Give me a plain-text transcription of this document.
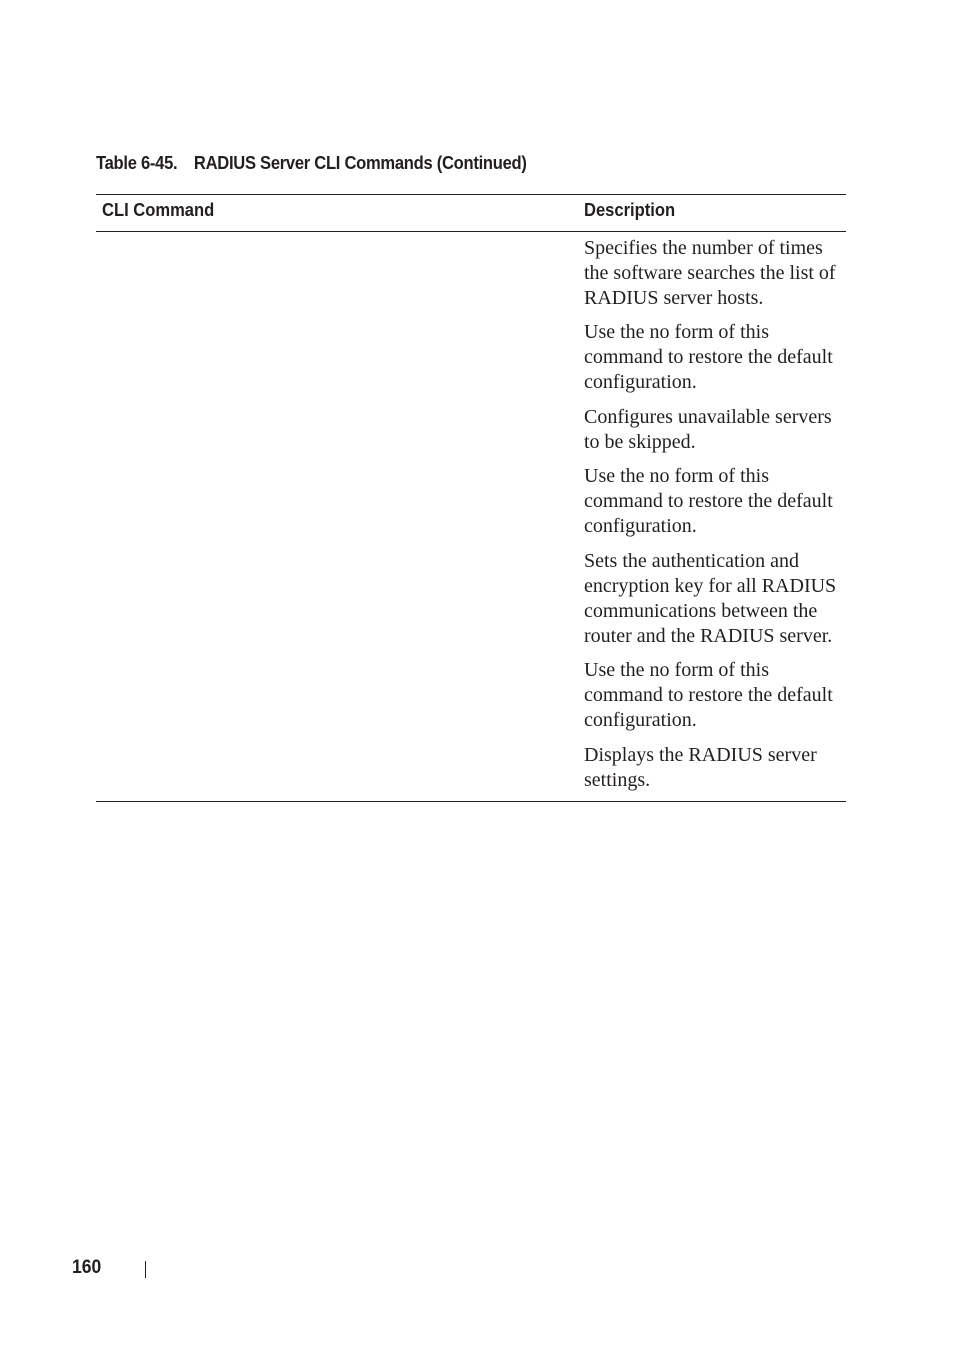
Table 6-45. RADIUS Server CLI Commands (Continued)
CLI Command	Description

Specifies the number of times the software searches the list of RADIUS server hosts.

Use the no form of this command to restore the default configuration.

Configures unavailable servers to be skipped.

Use the no form of this command to restore the default configuration.

Sets the authentication and encryption key for all RADIUS communications between the router and the RADIUS server.

Use the no form of this command to restore the default configuration.

Displays the RADIUS server settings.

160
